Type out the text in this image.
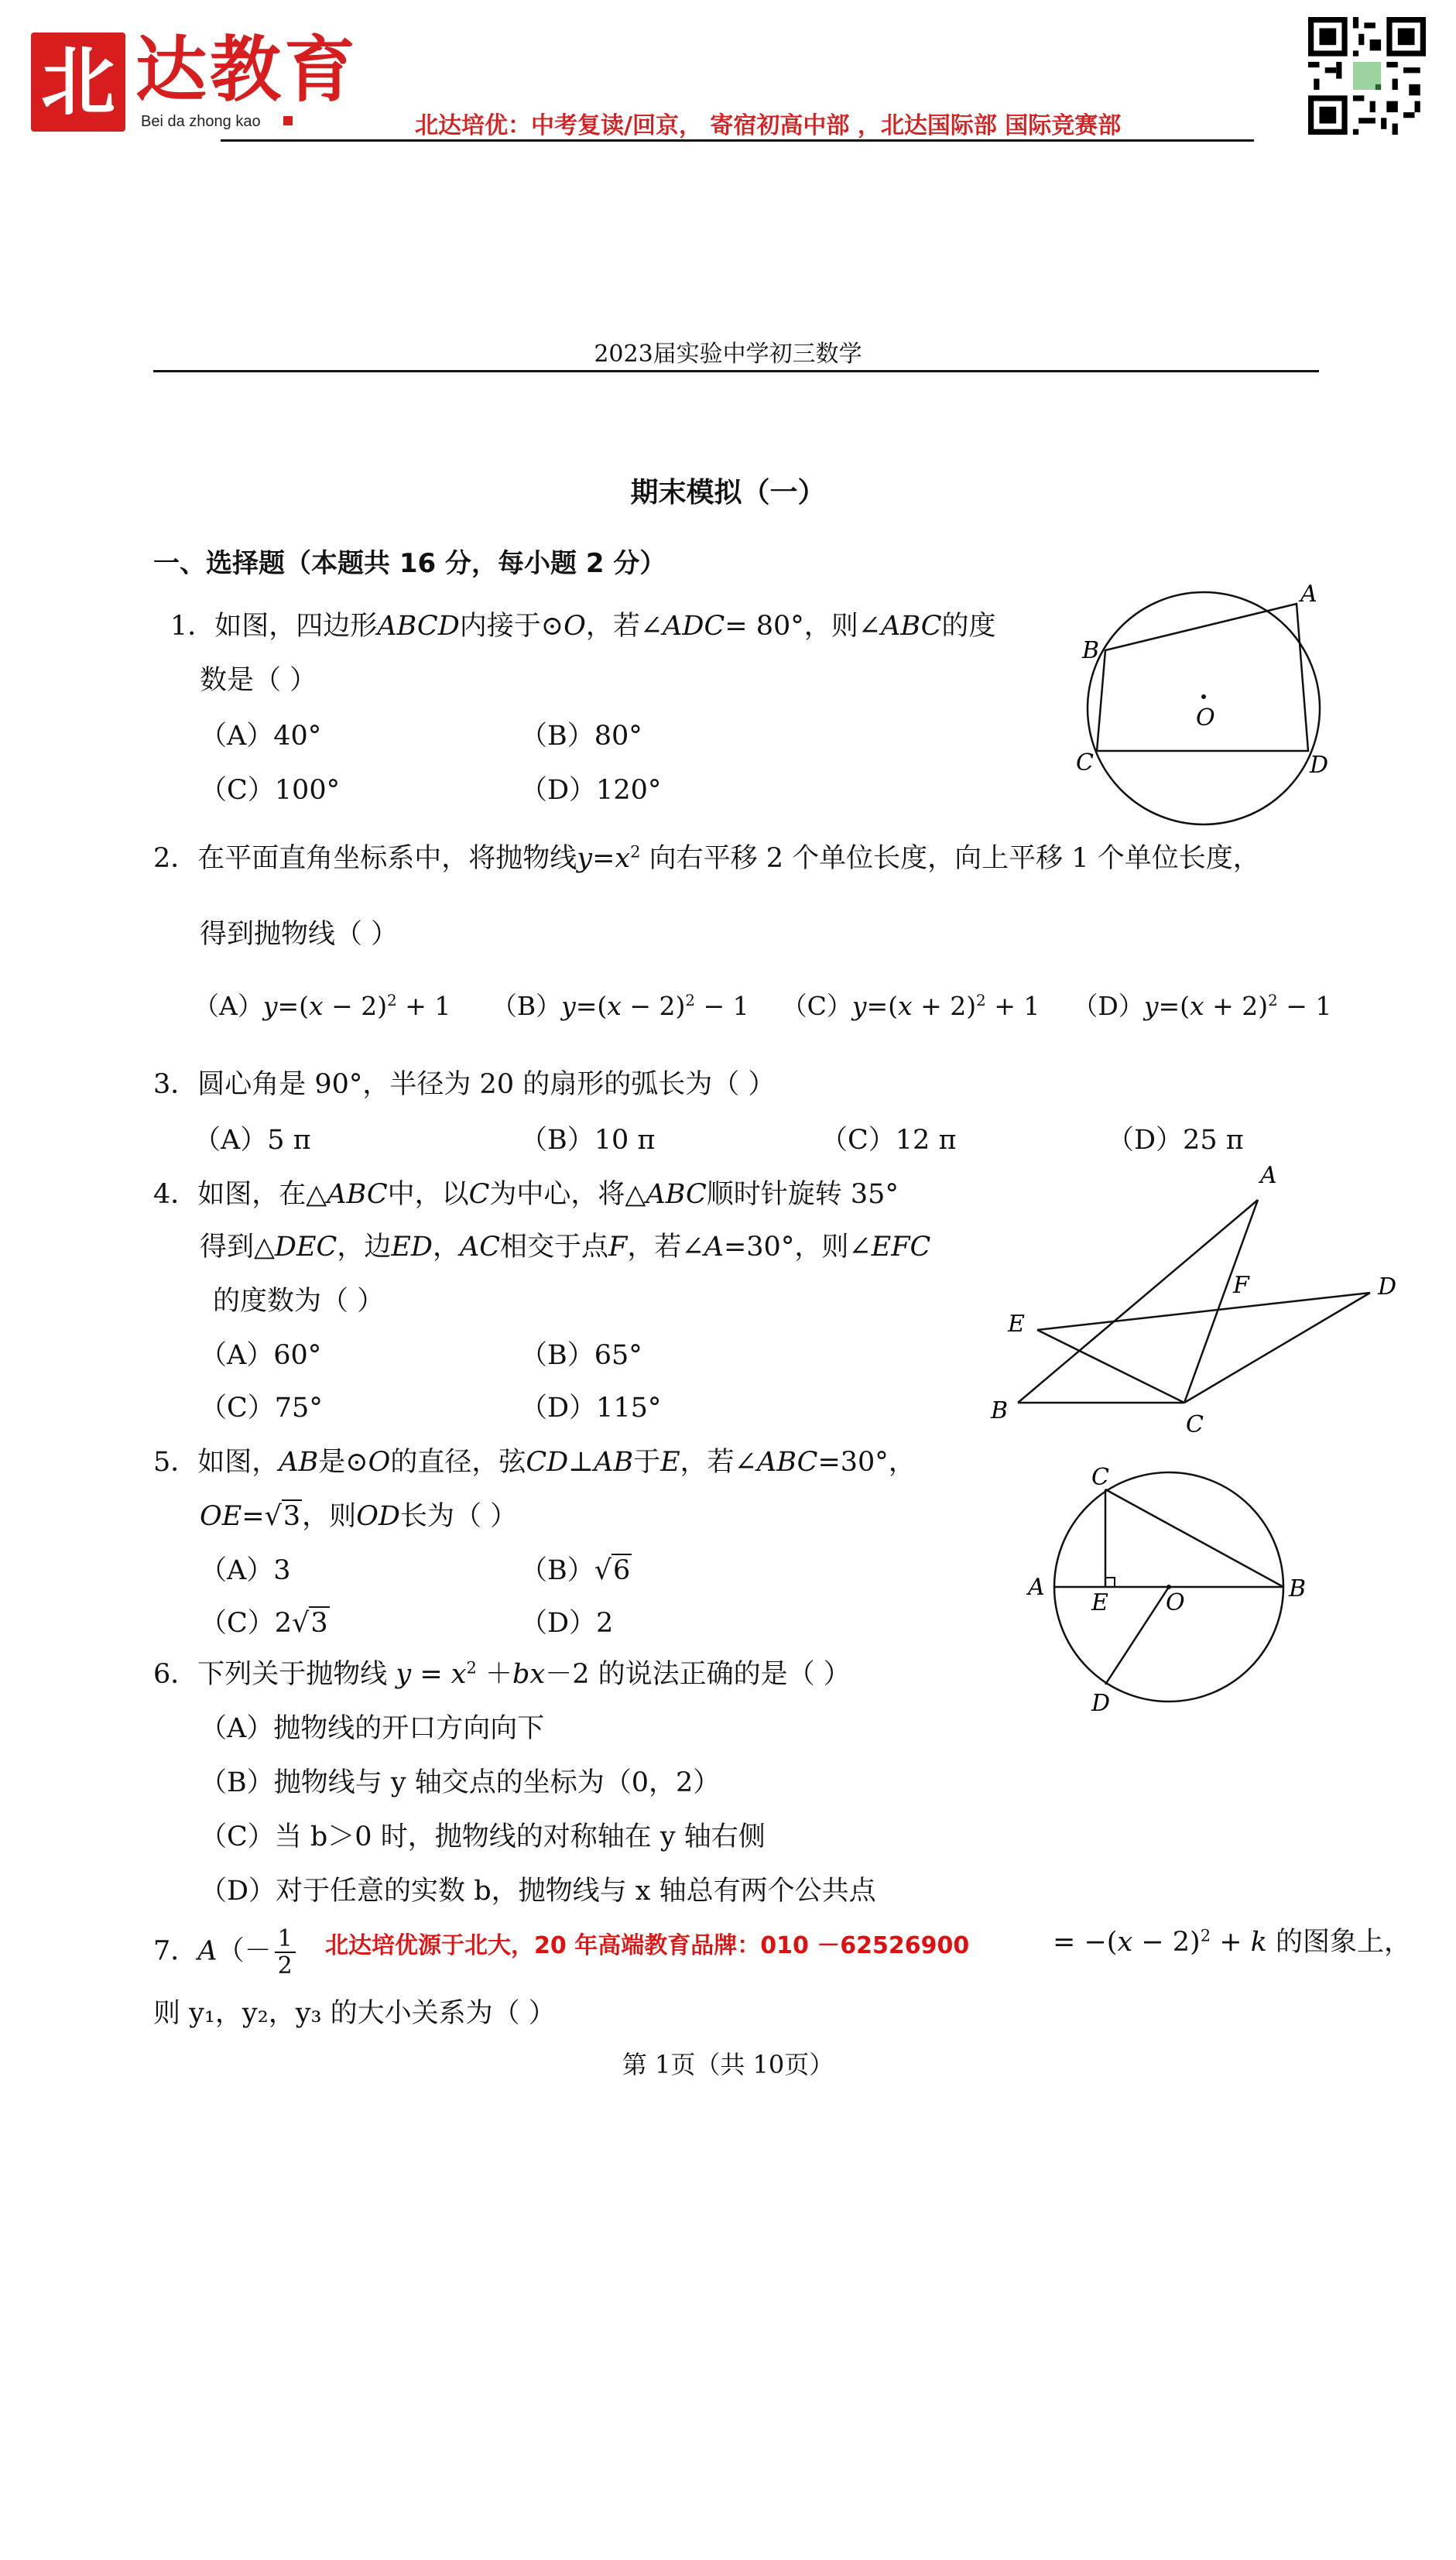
北 达教育
Bei da zhong kao	北达培优：中考复读/回京， 寄宿初高中部 ，北达国际部 国际竞赛部
2023届实验中学初三数学
期末模拟（一）
一、选择题（本题共 16 分，每小题 2 分）
1．如图，四边形ABCD内接于⊙O，若∠ADC= 80°，则∠ABC的度
数是（ ）
（A）40°	（B）80°
（C）100°	（D）120°
A
B
C	D
O
2．在平面直角坐标系中，将抛物线$y=x^2$ 向右平移 2 个单位长度，向上平移 1 个单位长度，
得到抛物线（ ）
$(A)y=(x - 2)^2 + 1$     $(B)y=(x - 2)^2 - 1$    $(C)y=(x + 2)^2 + 1$    $(D)y=(x + 2)^2 - 1$
3．圆心角是 90°，半径为 20 的扇形的弧长为（ ）
（A）5 π	（B）10 π	（C）12 π	（D）25 π
4．如图，在△ABC中，以C为中心，将△ABC顺时针旋转 35°
得到△DEC，边ED，AC相交于点F，若∠A=30°，则∠EFC
的度数为（ ）
（A）60°	（B）65°
（C）75°	（D）115°
A
B
C
D
E
F
5．如图，AB是⊙O的直径，弦CD⊥AB于E，若∠ABC=30°，
OE=√3，则OD长为（ ）
（A）3	（B）√6
（C）2√3	（D）2
C
A	B
E O
D
6．下列关于抛物线 $y = x^2 +bx-2$ 的说法正确的是（ ）
（A）抛物线的开口方向向下
（B）抛物线与 y 轴交点的坐标为（0，2）
（C）当 b＞0 时，抛物线的对称轴在 y 轴右侧
（D）对于任意的实数 b，抛物线与 x 轴总有两个公共点
7．$A(- \frac{1}{2}$	= $-(x - 2)^2 + k$ 的图象上，
北达培优源于北大，20 年高端教育品牌：010 －62526900
则 y₁，y₂，y₃ 的大小关系为（ ）
第 1页（共 10页）
